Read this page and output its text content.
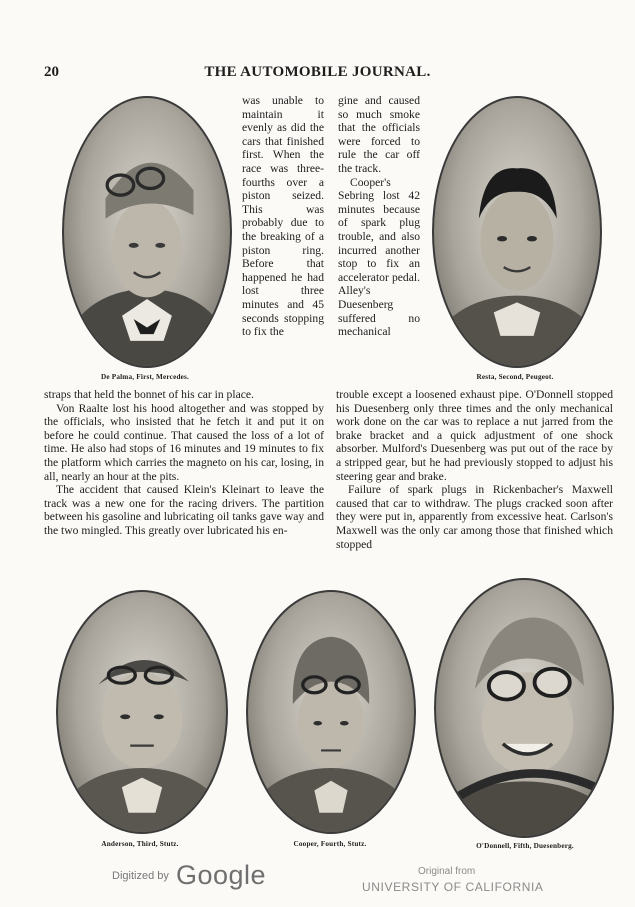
20	THE AUTOMOBILE JOURNAL.
De Palma, First, Mercedes.	Resta, Second, Peugeot.

was unable to maintain it evenly as did the cars that finished first. When the race was three-fourths over a piston seized. This was probably due to the breaking of a piston ring. Before that happened he had lost three minutes and 45 seconds stopping to fix the

gine and caused so much smoke that the officials were forced to rule the car off the track.

Cooper's Sebring lost 42 minutes because of spark plug trouble, and also incurred another stop to fix an accelerator pedal. Alley's Duesenberg suffered no mechanical

straps that held the bonnet of his car in place.

Von Raalte lost his hood altogether and was stopped by the officials, who insisted that he fetch it and put it on before he could continue. That caused the loss of a lot of time. He also had stops of 16 minutes and 19 minutes to fix the platform which carries the magneto on his car, losing, in all, nearly an hour at the pits.

The accident that caused Klein's Kleinart to leave the track was a new one for the racing drivers. The partition between his gasoline and lubricating oil tanks gave way and the two mingled. This greatly over lubricated his en-

trouble except a loosened exhaust pipe. O'Donnell stopped his Duesenberg only three times and the only mechanical work done on the car was to replace a nut jarred from the brake bracket and a quick adjustment of one shock absorber. Mulford's Duesenberg was put out of the race by a stripped gear, but he had previously stopped to adjust his steering gear and brake.

Failure of spark plugs in Rickenbacher's Maxwell caused that car to withdraw. The plugs cracked soon after they were put in, apparently from excessive heat. Carlson's Maxwell was the only car among those that finished which stopped

Anderson, Third, Stutz.	Cooper, Fourth, Stutz.	O'Donnell, Fifth, Duesenberg.
Digitized by Google	Original from
UNIVERSITY OF CALIFORNIA
